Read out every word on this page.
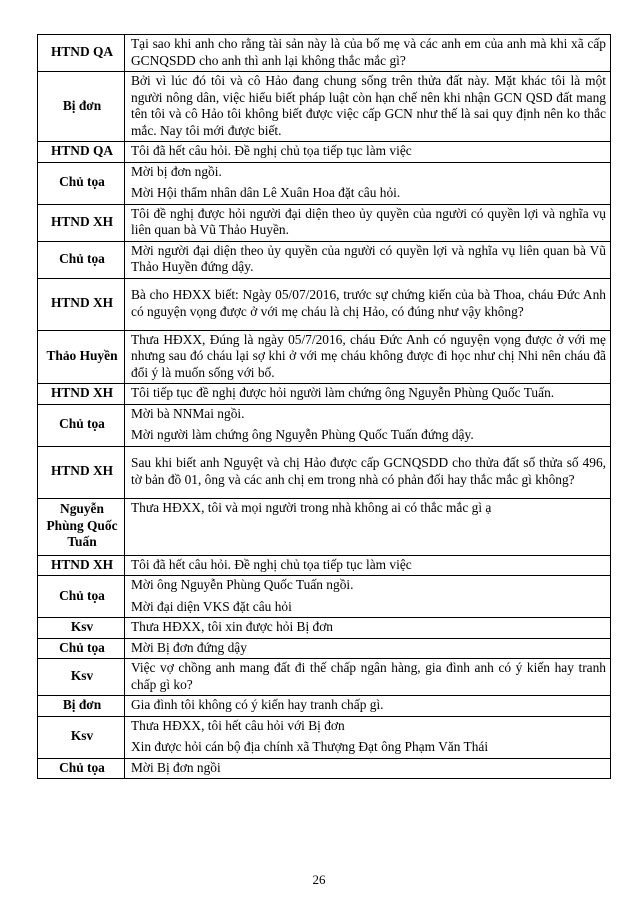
HTND QA	Tại sao khi anh cho rằng tài sản này là của bố mẹ và các anh em của anh mà khi xã cấp GCNQSDD cho anh thì anh lại không thắc mắc gì?

Bị đơn	Bởi vì lúc đó tôi và cô Hảo đang chung sống trên thửa đất này. Mặt khác tôi là một người nông dân, việc hiểu biết pháp luật còn hạn chế nên khi nhận GCN QSD đất mang tên tôi và cô Hảo tôi không biết được việc cấp GCN như thế là sai quy định nên ko thắc mắc. Nay tôi mới được biết.

HTND QA	Tôi đã hết câu hỏi. Đề nghị chủ tọa tiếp tục làm việc

Chủ tọa	Mời bị đơn ngồi.
Mời Hội thẩm nhân dân Lê Xuân Hoa đặt câu hỏi.

HTND XH	Tôi đề nghị được hỏi người đại diện theo ủy quyền của người có quyền lợi và nghĩa vụ liên quan bà Vũ Thảo Huyền.

Chủ tọa	Mời người đại diện theo ủy quyền của người có quyền lợi và nghĩa vụ liên quan bà Vũ Thảo Huyền đứng dậy.

HTND XH	Bà cho HĐXX biết: Ngày 05/07/2016, trước sự chứng kiến của bà Thoa, cháu Đức Anh có nguyện vọng được ở với mẹ cháu là chị Hảo, có đúng như vậy không?

Thảo Huyền	Thưa HĐXX, Đúng là ngày 05/7/2016, cháu Đức Anh có nguyện vọng được ở với mẹ nhưng sau đó cháu lại sợ khi ở với mẹ cháu không được đi học như chị Nhi nên cháu đã đổi ý là muốn sống với bố.

HTND XH	Tôi tiếp tục đề nghị được hỏi người làm chứng ông Nguyễn Phùng Quốc Tuấn.

Chủ tọa	Mời bà NNMai ngồi.
Mời người làm chứng ông Nguyễn Phùng Quốc Tuấn đứng dậy.

HTND XH	Sau khi biết anh Nguyệt và chị Hảo được cấp GCNQSDD cho thửa đất số thửa số 496, tờ bản đồ 01, ông và các anh chị em trong nhà có phản đối hay thắc mắc gì không?

Nguyễn Phùng Quốc Tuấn	Thưa HĐXX, tôi và mọi người trong nhà không ai có thắc mắc gì ạ

HTND XH	Tôi đã hết câu hỏi. Đề nghị chủ tọa tiếp tục làm việc

Chủ tọa	Mời ông Nguyễn Phùng Quốc Tuấn ngồi.
Mời đại diện VKS đặt câu hỏi

Ksv	Thưa HĐXX, tôi xin được hỏi Bị đơn

Chủ tọa	Mời Bị đơn đứng dậy

Ksv	Việc vợ chồng anh mang đất đi thế chấp ngân hàng, gia đình anh có ý kiến hay tranh chấp gì ko?

Bị đơn	Gia đình tôi không có ý kiến hay tranh chấp gì.

Ksv	Thưa HĐXX, tôi hết câu hỏi với Bị đơn
Xin được hỏi cán bộ địa chính xã Thượng Đạt ông Phạm Văn Thái

Chủ tọa	Mời Bị đơn ngồi
26
